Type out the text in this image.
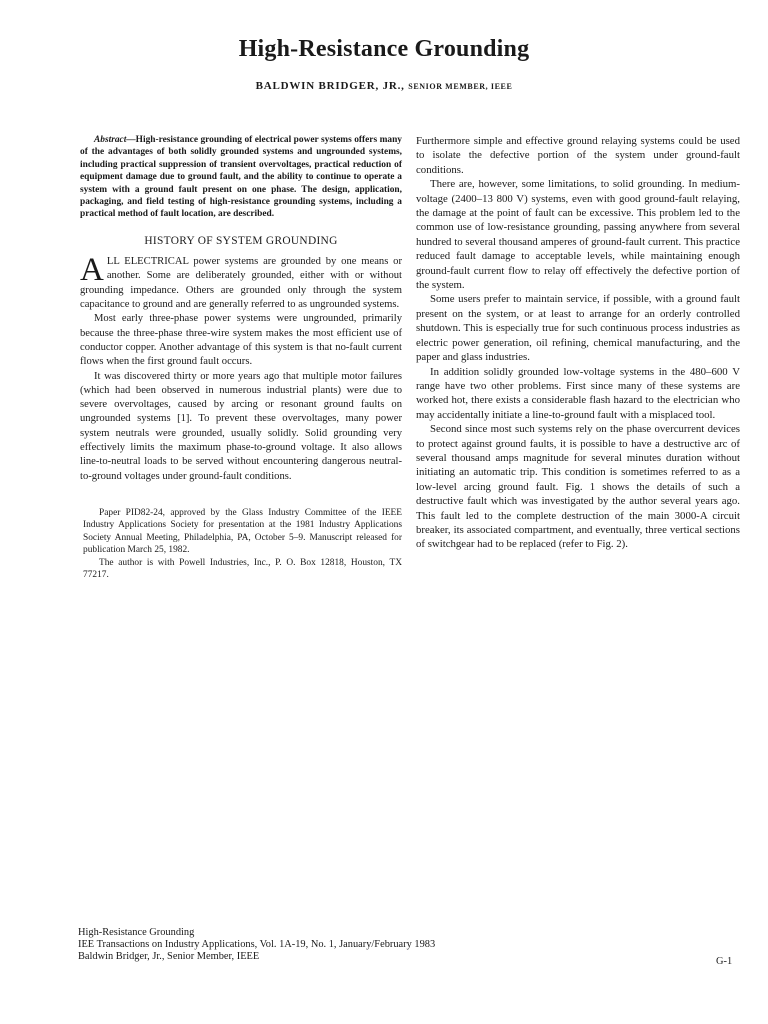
High-Resistance Grounding
BALDWIN BRIDGER, JR., SENIOR MEMBER, IEEE

Abstract—High-resistance grounding of electrical power systems offers many of the advantages of both solidly grounded systems and ungrounded systems, including practical suppression of transient overvoltages, practical reduction of equipment damage due to ground fault, and the ability to continue to operate a system with a ground fault present on one phase. The design, application, packaging, and field testing of high-resistance grounding systems, including a practical method of fault location, are described.

HISTORY OF SYSTEM GROUNDING

ALL ELECTRICAL power systems are grounded by one means or another. Some are deliberately grounded, either with or without grounding impedance. Others are grounded only through the system capacitance to ground and are generally referred to as ungrounded systems.

Most early three-phase power systems were ungrounded, primarily because the three-phase three-wire system makes the most efficient use of conductor copper. Another advantage of this system is that no-fault current flows when the first ground fault occurs.

It was discovered thirty or more years ago that multiple motor failures (which had been observed in numerous industrial plants) were due to severe overvoltages, caused by arcing or resonant ground faults on ungrounded systems [1]. To prevent these overvoltages, many power system neutrals were grounded, usually solidly. Solid grounding very effectively limits the maximum phase-to-ground voltage. It also allows line-to-neutral loads to be served without encountering dangerous neutral-to-ground voltages under ground-fault conditions.

Paper PID82-24, approved by the Glass Industry Committee of the IEEE Industry Applications Society for presentation at the 1981 Industry Applications Society Annual Meeting, Philadelphia, PA, October 5–9. Manuscript released for publication March 25, 1982.

The author is with Powell Industries, Inc., P. O. Box 12818, Houston, TX 77217.

Furthermore simple and effective ground relaying systems could be used to isolate the defective portion of the system under ground-fault conditions.

There are, however, some limitations, to solid grounding. In medium-voltage (2400–13 800 V) systems, even with good ground-fault relaying, the damage at the point of fault can be excessive. This problem led to the common use of low-resistance grounding, passing anywhere from several hundred to several thousand amperes of ground-fault current. This practice reduced fault damage to acceptable levels, while maintaining enough ground-fault current flow to relay off effectively the defective portion of the system.

Some users prefer to maintain service, if possible, with a ground fault present on the system, or at least to arrange for an orderly controlled shutdown. This is especially true for such continuous process industries as electric power generation, oil refining, chemical manufacturing, and the paper and glass industries.

In addition solidly grounded low-voltage systems in the 480–600 V range have two other problems. First since many of these systems are worked hot, there exists a considerable flash hazard to the electrician who may accidentally initiate a line-to-ground fault with a misplaced tool.

Second since most such systems rely on the phase overcurrent devices to protect against ground faults, it is possible to have a destructive arc of several thousand amps magnitude for several minutes duration without initiating an automatic trip. This condition is sometimes referred to as a low-level arcing ground fault. Fig. 1 shows the details of such a destructive fault which was investigated by the author several years ago. This fault led to the complete destruction of the main 3000-A circuit breaker, its associated compartment, and eventually, three vertical sections of switchgear had to be replaced (refer to Fig. 2).

High-Resistance Grounding
IEE Transactions on Industry Applications, Vol. 1A-19, No. 1, January/February 1983
Baldwin Bridger, Jr., Senior Member, IEEE	G-1
